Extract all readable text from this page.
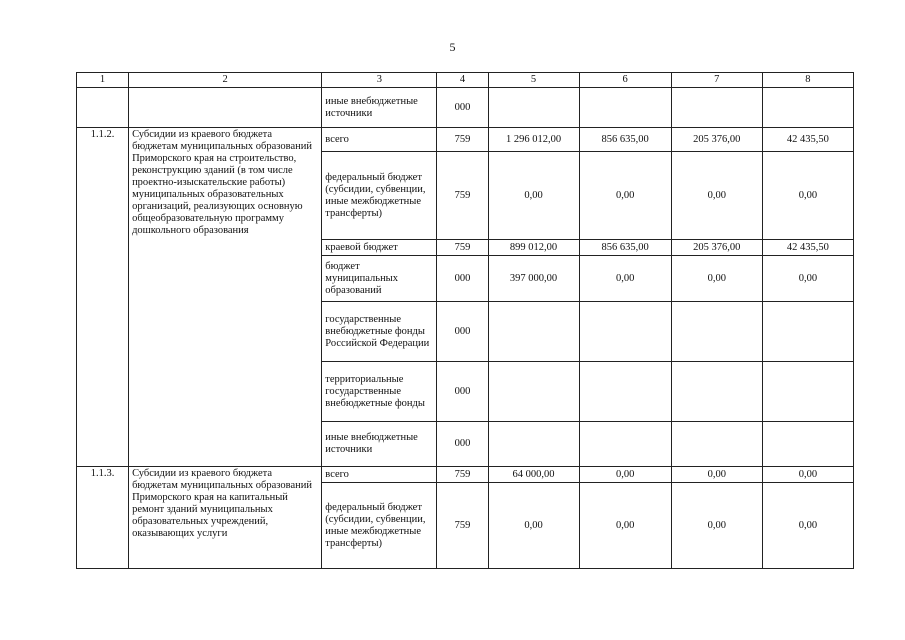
5
1	2	3	4	5	6	7	8
		иные внебюджетные источники	000				
1.1.2.	Субсидии из краевого бюджета бюджетам муниципальных образований Приморского края на строительство, реконструкцию зданий (в том числе проектно-изыскательские работы) муниципальных образовательных организаций, реализующих основную общеобразовательную программу дошкольного образования	всего	759	1 296 012,00	856 635,00	205 376,00	42 435,50
		федеральный бюджет (субсидии, субвенции, иные межбюджетные трансферты)	759	0,00	0,00	0,00	0,00
		краевой бюджет	759	899 012,00	856 635,00	205 376,00	42 435,50
		бюджет муниципальных образований	000	397 000,00	0,00	0,00	0,00
		государственные внебюджетные фонды Российской Федерации	000				
		территориальные государственные внебюджетные фонды	000				
		иные внебюджетные источники	000				
1.1.3.	Субсидии из краевого бюджета бюджетам муниципальных образований Приморского края на капитальный ремонт зданий муниципальных образовательных учреждений, оказывающих услуги	всего	759	64 000,00	0,00	0,00	0,00
		федеральный бюджет (субсидии, субвенции, иные межбюджетные трансферты)	759	0,00	0,00	0,00	0,00
